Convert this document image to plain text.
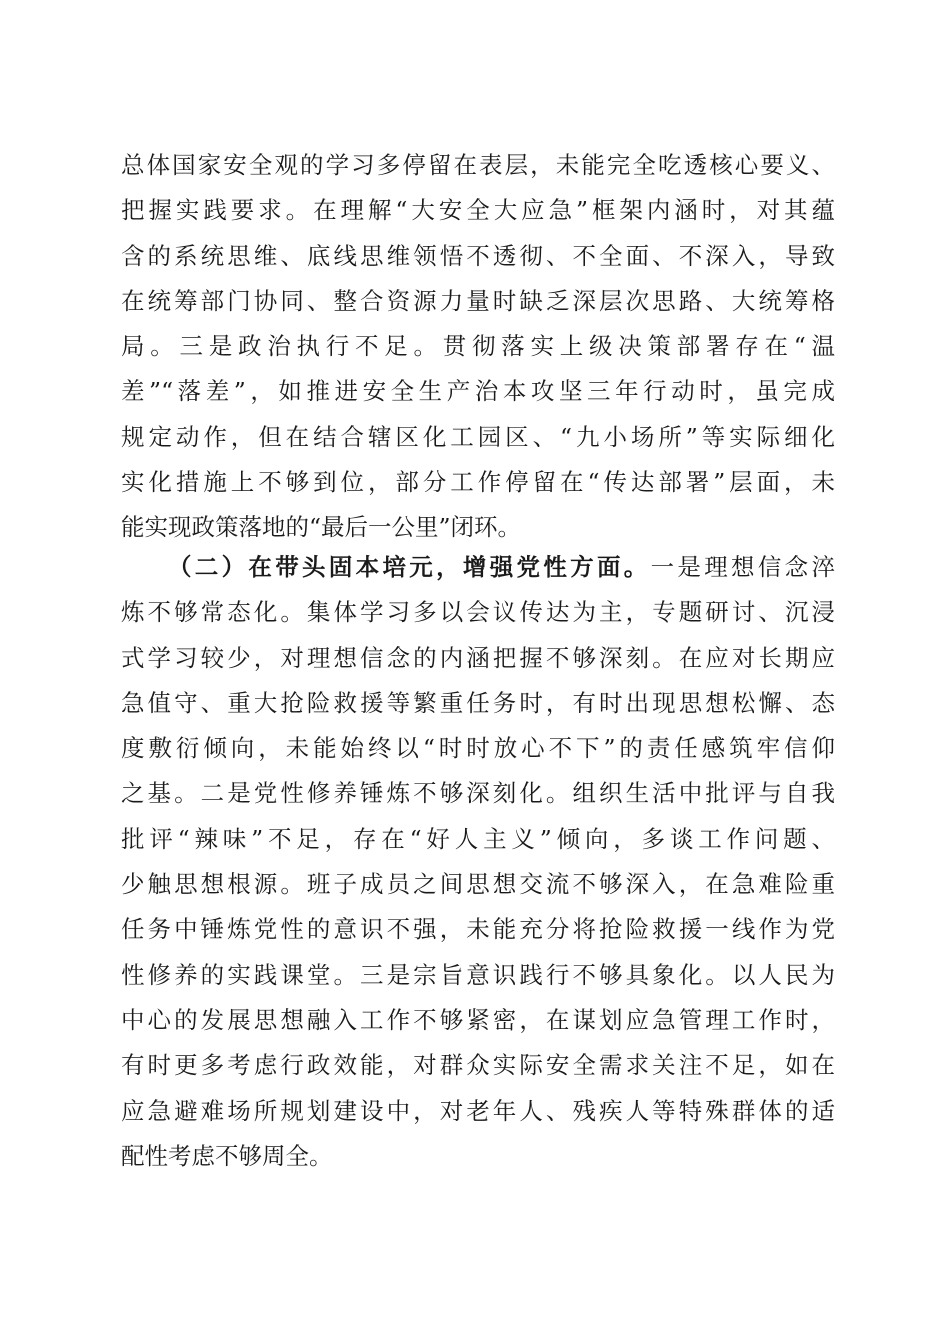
总体国家安全观的学习多停留在表层，未能完全吃透核心要义、
把握实践要求。在理解“大安全大应急”框架内涵时，对其蕴
含的系统思维、底线思维领悟不透彻、不全面、不深入，导致
在统筹部门协同、整合资源力量时缺乏深层次思路、大统筹格
局。三是政治执行不足。贯彻落实上级决策部署存在“温
差”“落差”，如推进安全生产治本攻坚三年行动时，虽完成
规定动作，但在结合辖区化工园区、“九小场所”等实际细化
实化措施上不够到位，部分工作停留在“传达部署”层面，未
能实现政策落地的“最后一公里”闭环。
（二）在带头固本培元，增强党性方面。一是理想信念淬
炼不够常态化。集体学习多以会议传达为主，专题研讨、沉浸
式学习较少，对理想信念的内涵把握不够深刻。在应对长期应
急值守、重大抢险救援等繁重任务时，有时出现思想松懈、态
度敷衍倾向，未能始终以“时时放心不下”的责任感筑牢信仰
之基。二是党性修养锤炼不够深刻化。组织生活中批评与自我
批评“辣味”不足，存在“好人主义”倾向，多谈工作问题、
少触思想根源。班子成员之间思想交流不够深入，在急难险重
任务中锤炼党性的意识不强，未能充分将抢险救援一线作为党
性修养的实践课堂。三是宗旨意识践行不够具象化。以人民为
中心的发展思想融入工作不够紧密，在谋划应急管理工作时，
有时更多考虑行政效能，对群众实际安全需求关注不足，如在
应急避难场所规划建设中，对老年人、残疾人等特殊群体的适
配性考虑不够周全。
